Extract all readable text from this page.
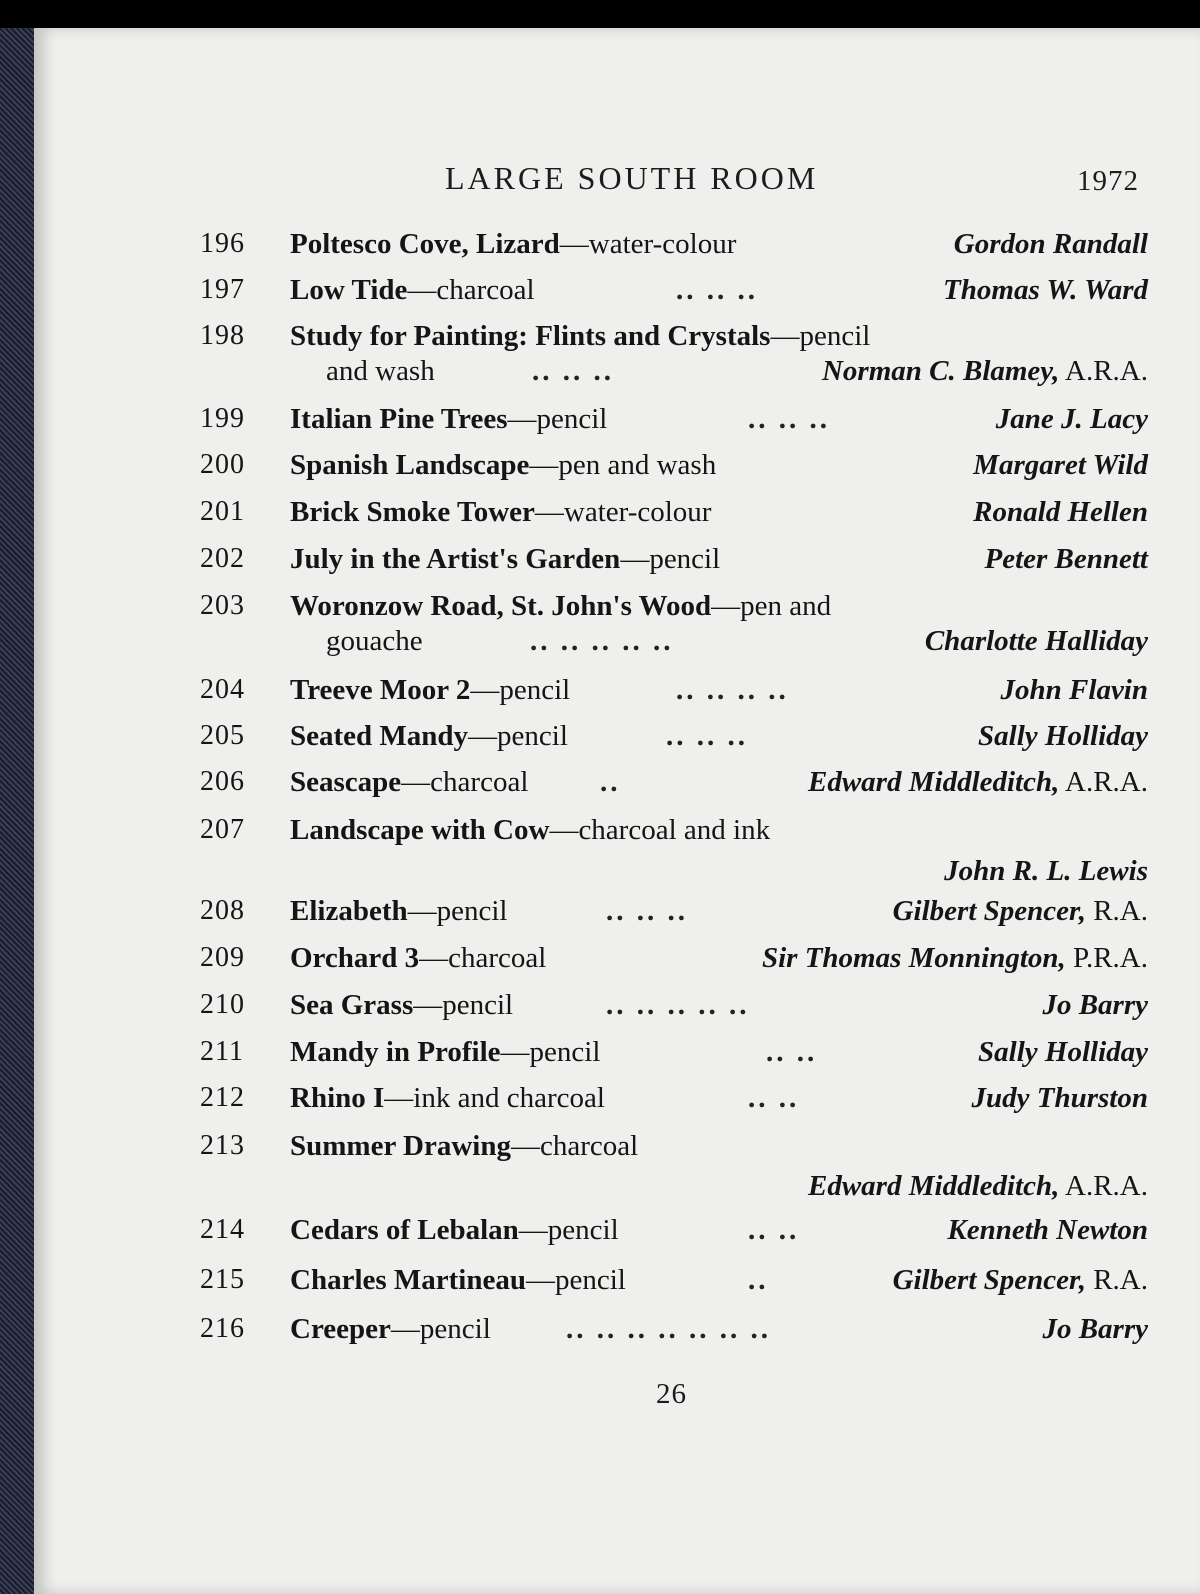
LARGE SOUTH ROOM	1972
196 Poltesco Cove, Lizard—water-colour	Gordon Randall
197 Low Tide—charcoal	.. .. ..	Thomas W. Ward
198 Study for Painting: Flints and Crystals—pencil
and wash	.. .. ..	Norman C. Blamey, A.R.A.
199 Italian Pine Trees—pencil	.. .. ..	Jane J. Lacy
200 Spanish Landscape—pen and wash	Margaret Wild
201 Brick Smoke Tower—water-colour	Ronald Hellen
202 July in the Artist's Garden—pencil	Peter Bennett
203 Woronzow Road, St. John's Wood—pen and
gouache	.. .. .. .. ..	Charlotte Halliday
204 Treeve Moor 2—pencil	.. .. .. ..	John Flavin
205 Seated Mandy—pencil	.. .. ..	Sally Holliday
206 Seascape—charcoal ..	Edward Middleditch, A.R.A.
207 Landscape with Cow—charcoal and ink
John R. L. Lewis
208 Elizabeth—pencil	.. .. ..	Gilbert Spencer, R.A.
209 Orchard 3—charcoal	Sir Thomas Monnington, P.R.A.
210 Sea Grass—pencil	.. .. .. .. ..	Jo Barry
211 Mandy in Profile—pencil	.. ..	Sally Holliday
212 Rhino I—ink and charcoal	.. ..	Judy Thurston
213 Summer Drawing—charcoal
Edward Middleditch, A.R.A.
214 Cedars of Lebalan—pencil	.. ..	Kenneth Newton
215 Charles Martineau—pencil	..	Gilbert Spencer, R.A.
216 Creeper—pencil	.. .. .. .. .. .. ..	Jo Barry
26
